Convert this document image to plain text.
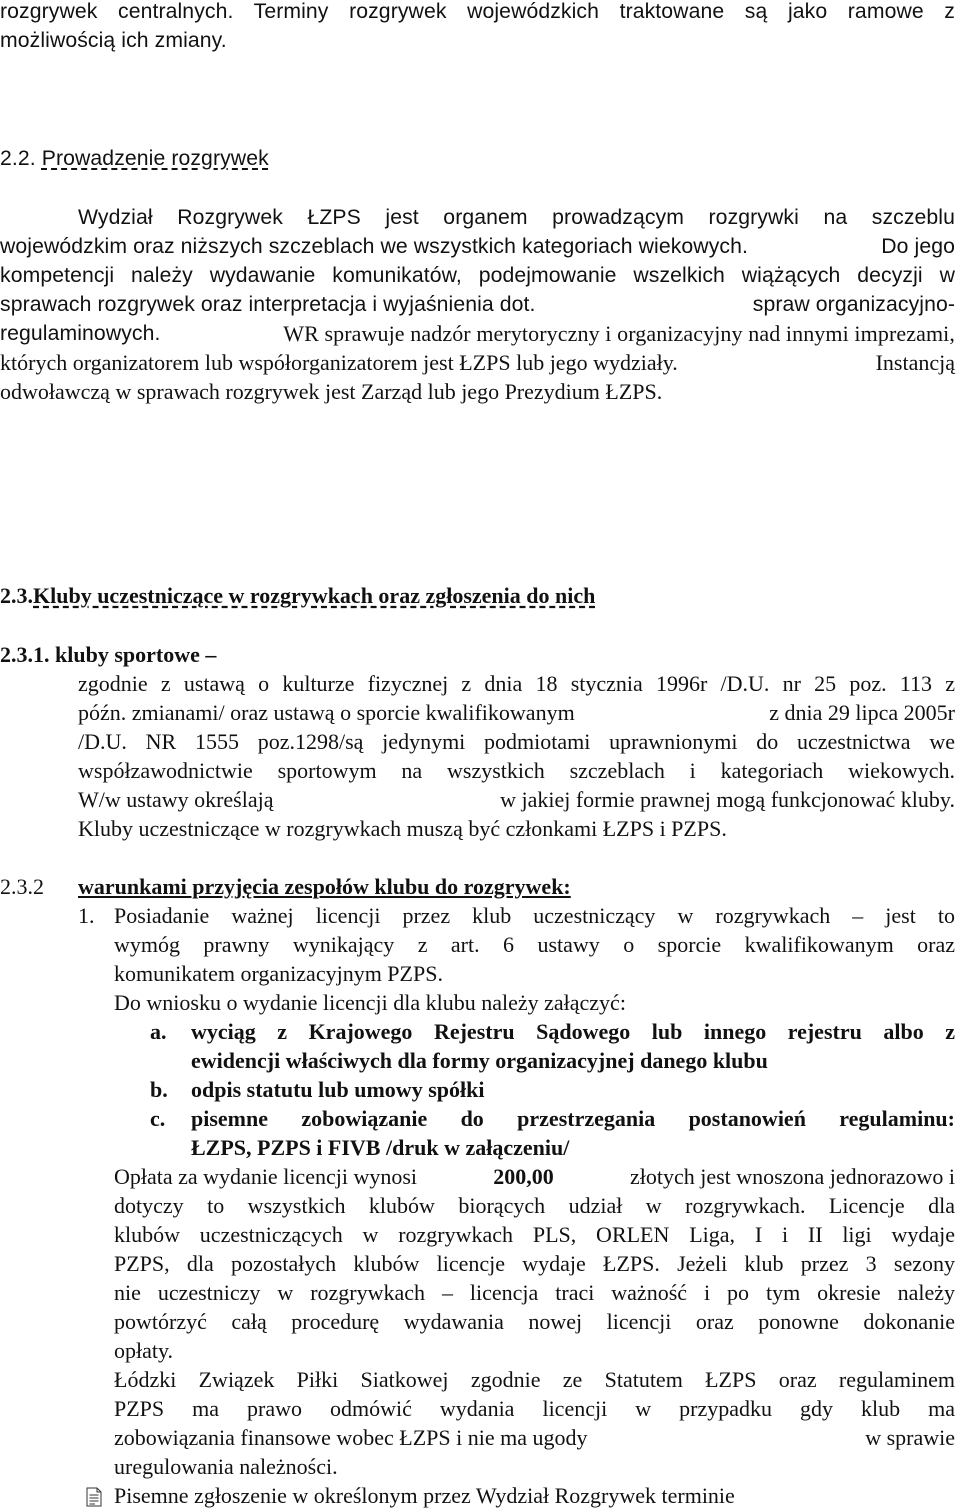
rozgrywek centralnych. Terminy rozgrywek wojewódzkich traktowane są jako ramowe z
możliwością ich zmiany.
2.2. Prowadzenie rozgrywek
Wydział Rozgrywek ŁZPS jest organem prowadzącym rozgrywki na szczeblu
wojewódzkim oraz niższych szczeblach we wszystkich kategoriach wiekowych.	Do jego
kompetencji należy wydawanie komunikatów, podejmowanie wszelkich wiążących decyzji w
sprawach rozgrywek oraz interpretacja i wyjaśnienia dot.	spraw organizacyjno-
regulaminowych.	WR sprawuje nadzór merytoryczny i organizacyjny nad innymi imprezami,
których organizatorem lub współorganizatorem jest ŁZPS lub jego wydziały.	Instancją
odwoławczą w sprawach rozgrywek jest Zarząd lub jego Prezydium ŁZPS.
2.3.Kluby uczestniczące w rozgrywkach oraz zgłoszenia do nich
2.3.1. kluby sportowe –
zgodnie z ustawą o kulturze fizycznej z dnia 18 stycznia 1996r /D.U. nr 25 poz. 113 z
późn. zmianami/ oraz ustawą o sporcie kwalifikowanym	z dnia 29 lipca 2005r
/D.U. NR 1555 poz.1298/są jedynymi podmiotami uprawnionymi do uczestnictwa we
współzawodnictwie sportowym na wszystkich szczeblach i kategoriach wiekowych.
W/w ustawy określają	w jakiej formie prawnej mogą funkcjonować kluby.
Kluby uczestniczące w rozgrywkach muszą być członkami ŁZPS i PZPS.
2.3.2 warunkami przyjęcia zespołów klubu do rozgrywek:
1. Posiadanie ważnej licencji przez klub uczestniczący w rozgrywkach – jest to
wymóg prawny wynikający z art. 6 ustawy o sporcie kwalifikowanym oraz
komunikatem organizacyjnym PZPS.
Do wniosku o wydanie licencji dla klubu należy załączyć:
a. wyciąg z Krajowego Rejestru Sądowego lub innego rejestru albo z
ewidencji właściwych dla formy organizacyjnej danego klubu
b. odpis statutu lub umowy spółki
c. pisemne zobowiązanie do przestrzegania postanowień regulaminu:
ŁZPS, PZPS i FIVB /druk w załączeniu/
Opłata za wydanie licencji wynosi	200,00	złotych jest wnoszona jednorazowo i
dotyczy to wszystkich klubów biorących udział w rozgrywkach. Licencje dla
klubów uczestniczących w rozgrywkach PLS, ORLEN Liga, I i II ligi wydaje
PZPS, dla pozostałych klubów licencje wydaje ŁZPS. Jeżeli klub przez 3 sezony
nie uczestniczy w rozgrywkach – licencja traci ważność i po tym okresie należy
powtórzyć całą procedurę wydawania nowej licencji oraz ponowne dokonanie
opłaty.
Łódzki Związek Piłki Siatkowej zgodnie ze Statutem ŁZPS oraz regulaminem
PZPS ma prawo odmówić wydania licencji w przypadku gdy klub ma
zobowiązania finansowe wobec ŁZPS i nie ma ugody	w sprawie
uregulowania należności.
Pisemne zgłoszenie w określonym przez Wydział Rozgrywek terminie
